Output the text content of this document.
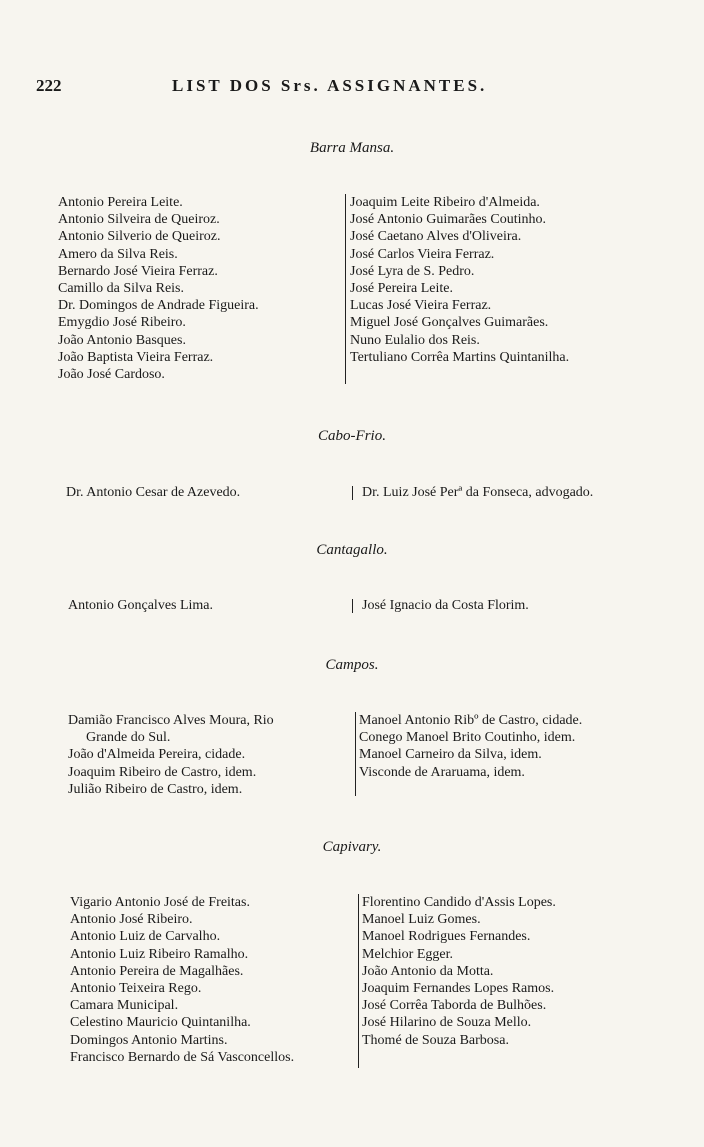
222	LIST DOS Srs. ASSIGNANTES.
Barra Mansa.
Antonio Pereira Leite.
Antonio Silveira de Queiroz.
Antonio Silverio de Queiroz.
Amero da Silva Reis.
Bernardo José Vieira Ferraz.
Camillo da Silva Reis.
Dr. Domingos de Andrade Figueira.
Emygdio José Ribeiro.
João Antonio Basques.
João Baptista Vieira Ferraz.
João José Cardoso.
Joaquim Leite Ribeiro d'Almeida.
José Antonio Guimarães Coutinho.
José Caetano Alves d'Oliveira.
José Carlos Vieira Ferraz.
José Lyra de S. Pedro.
José Pereira Leite.
Lucas José Vieira Ferraz.
Miguel José Gonçalves Guimarães.
Nuno Eulalio dos Reis.
Tertuliano Corrêa Martins Quintanilha.
Cabo-Frio.
Dr. Antonio Cesar de Azevedo.	Dr. Luiz José Perª da Fonseca, advogado.
Cantagallo.
Antonio Gonçalves Lima.	José Ignacio da Costa Florim.
Campos.
Damião Francisco Alves Moura, Rio
Grande do Sul.
João d'Almeida Pereira, cidade.
Joaquim Ribeiro de Castro, idem.
Julião Ribeiro de Castro, idem.
Manoel Antonio Ribº de Castro, cidade.
Conego Manoel Brito Coutinho, idem.
Manoel Carneiro da Silva, idem.
Visconde de Araruama, idem.
Capivary.
Vigario Antonio José de Freitas.
Antonio José Ribeiro.
Antonio Luiz de Carvalho.
Antonio Luiz Ribeiro Ramalho.
Antonio Pereira de Magalhães.
Antonio Teixeira Rego.
Camara Municipal.
Celestino Mauricio Quintanilha.
Domingos Antonio Martins.
Francisco Bernardo de Sá Vasconcellos.
Florentino Candido d'Assis Lopes.
Manoel Luiz Gomes.
Manoel Rodrigues Fernandes.
Melchior Egger.
João Antonio da Motta.
Joaquim Fernandes Lopes Ramos.
José Corrêa Taborda de Bulhões.
José Hilarino de Souza Mello.
Thomé de Souza Barbosa.
